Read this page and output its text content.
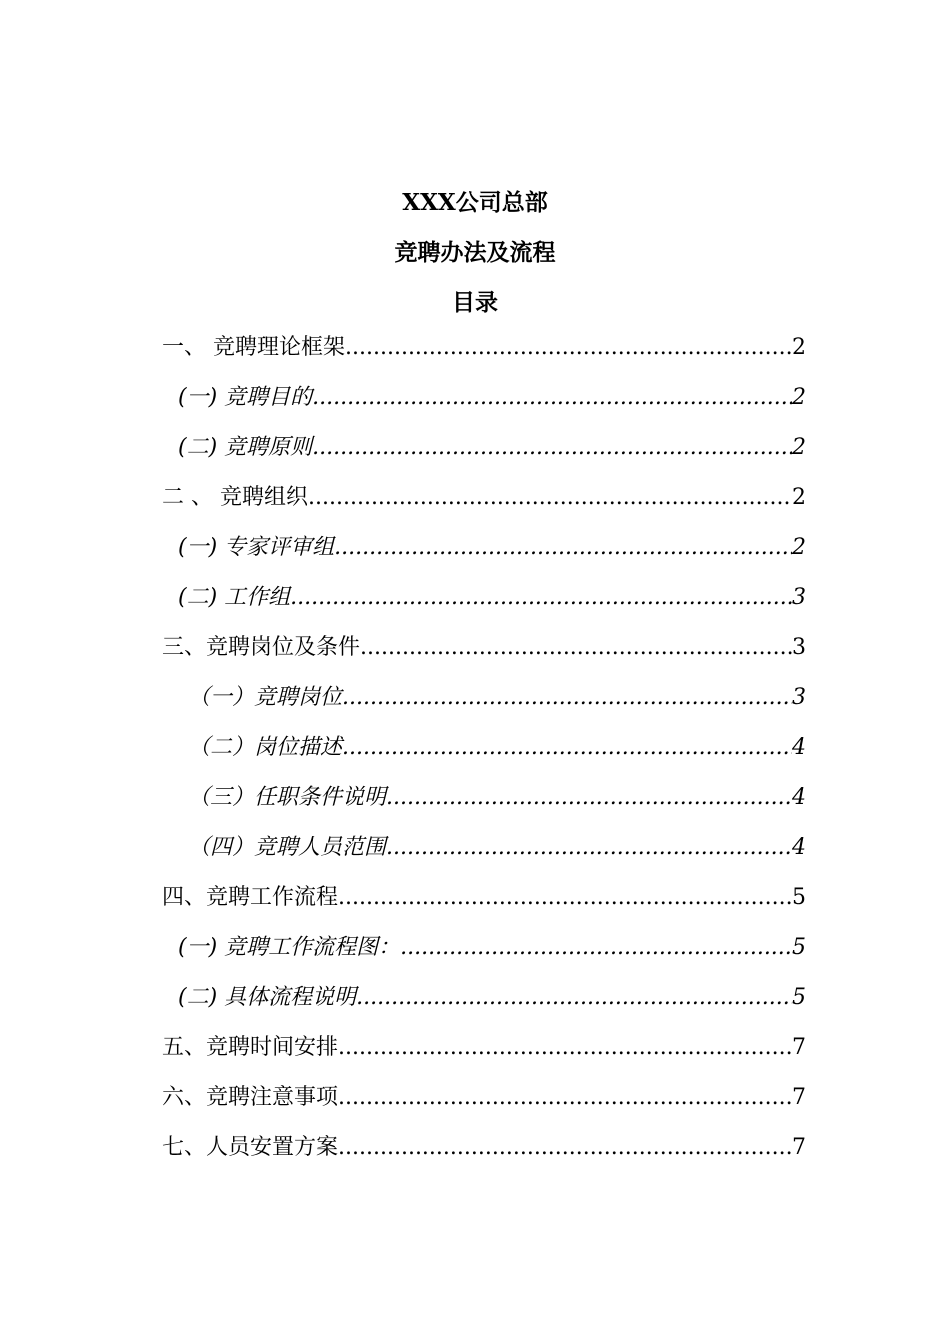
XXX公司总部
竞聘办法及流程
目录
一、 竞聘理论框架 .....	2
(一) 竞聘目的 .....	2
(二) 竞聘原则 .....	2
二 、 竞聘组织 .....	2
(一) 专家评审组 .....	2
(二) 工作组 .....	3
三、竞聘岗位及条件 .....	3
（一）竞聘岗位 .....	3
（二）岗位描述 .....	4
（三）任职条件说明 .....	4
（四）竞聘人员范围 .....	4
四、竞聘工作流程 .....	5
(一) 竞聘工作流程图： .....	5
(二) 具体流程说明 .....	5
五、竞聘时间安排 .....	7
六、竞聘注意事项 .....	7
七、人员安置方案 .....	7
